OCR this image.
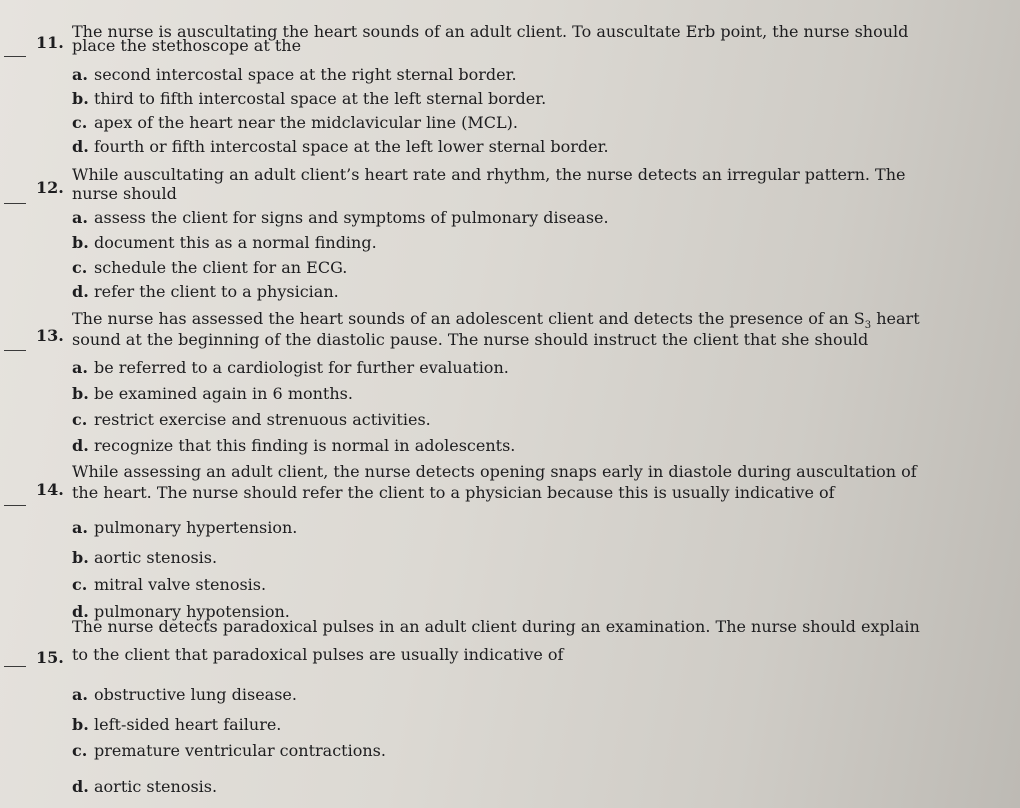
11.
The nurse is auscultating the heart sounds of an adult client. To auscultate Erb point, the nurse should
place the stethoscope at the
a. second intercostal space at the right sternal border.
b. third to fifth intercostal space at the left sternal border.
c. apex of the heart near the midclavicular line (MCL).
d. fourth or fifth intercostal space at the left lower sternal border.
12.
While auscultating an adult client’s heart rate and rhythm, the nurse detects an irregular pattern. The
nurse should
a. assess the client for signs and symptoms of pulmonary disease.
b. document this as a normal finding.
c. schedule the client for an ECG.
d. refer the client to a physician.
13.
The nurse has assessed the heart sounds of an adolescent client and detects the presence of an $S_3$ heart
sound at the beginning of the diastolic pause. The nurse should instruct the client that she should
a. be referred to a cardiologist for further evaluation.
b. be examined again in 6 months.
c. restrict exercise and strenuous activities.
d. recognize that this finding is normal in adolescents.
14.
While assessing an adult client, the nurse detects opening snaps early in diastole during auscultation of
the heart. The nurse should refer the client to a physician because this is usually indicative of
a. pulmonary hypertension.
b. aortic stenosis.
c. mitral valve stenosis.
d. pulmonary hypotension.
15.
The nurse detects paradoxical pulses in an adult client during an examination. The nurse should explain
to the client that paradoxical pulses are usually indicative of
a. obstructive lung disease.
b. left-sided heart failure.
c. premature ventricular contractions.
d. aortic stenosis.
